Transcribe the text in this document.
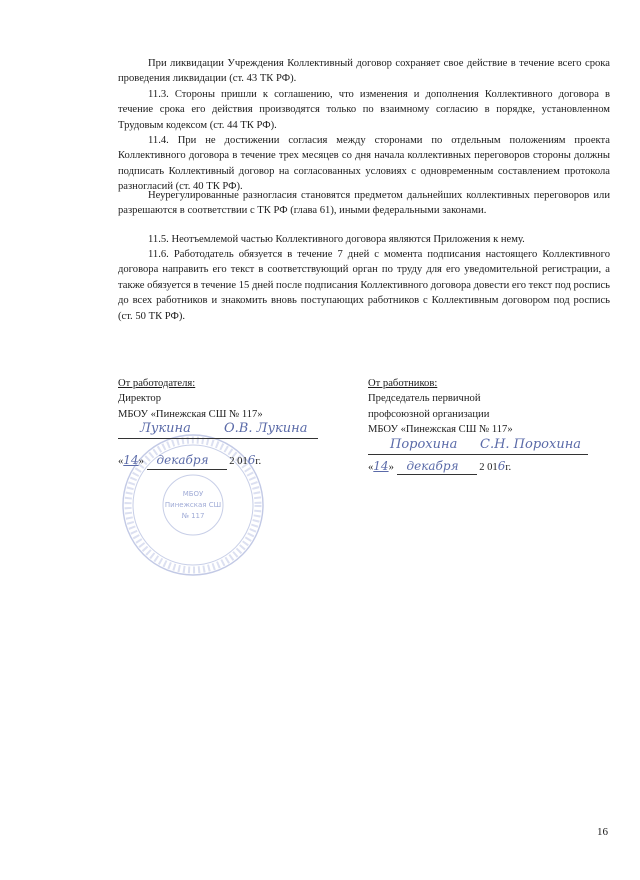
При ликвидации Учреждения Коллективный договор сохраняет свое действие в течение всего срока проведения ликвидации (ст. 43 ТК РФ).

11.3. Стороны пришли к соглашению, что изменения и дополнения Коллективного договора в течение срока его действия производятся только по взаимному согласию в порядке, установленном Трудовым кодексом (ст. 44 ТК РФ).

11.4. При не достижении согласия между сторонами по отдельным положениям проекта Коллективного договора в течение трех месяцев со дня начала коллективных переговоров стороны должны подписать Коллективный договор на согласованных условиях с одновременным составлением протокола разногласий (ст. 40 ТК РФ).

Неурегулированные разногласия становятся предметом дальнейших коллективных переговоров или разрешаются в соответствии с ТК РФ (глава 61), иными федеральными законами.

11.5. Неотъемлемой частью Коллективного договора являются Приложения к нему.

11.6. Работодатель обязуется в течение 7 дней с момента подписания настоящего Коллективного договора направить его текст в соответствующий орган по труду для его уведомительной регистрации, а также обязуется в течение 15 дней после подписания Коллективного договора довести его текст под роспись до всех работников и знакомить вновь поступающих работников с Коллективным договором под роспись (ст. 50 ТК РФ).

МБОУ
Пинежская СШ
№ 117
От работодателя:
Директор
МБОУ «Пинежская СШ № 117»
Лукина	О.В. Лукина
«14» декабря 2 016г.
От работников:
Председатель первичной
профсоюзной организации
МБОУ «Пинежская СШ № 117»
Порохина С.Н. Порохина
«14» декабря 2 016г.
16
